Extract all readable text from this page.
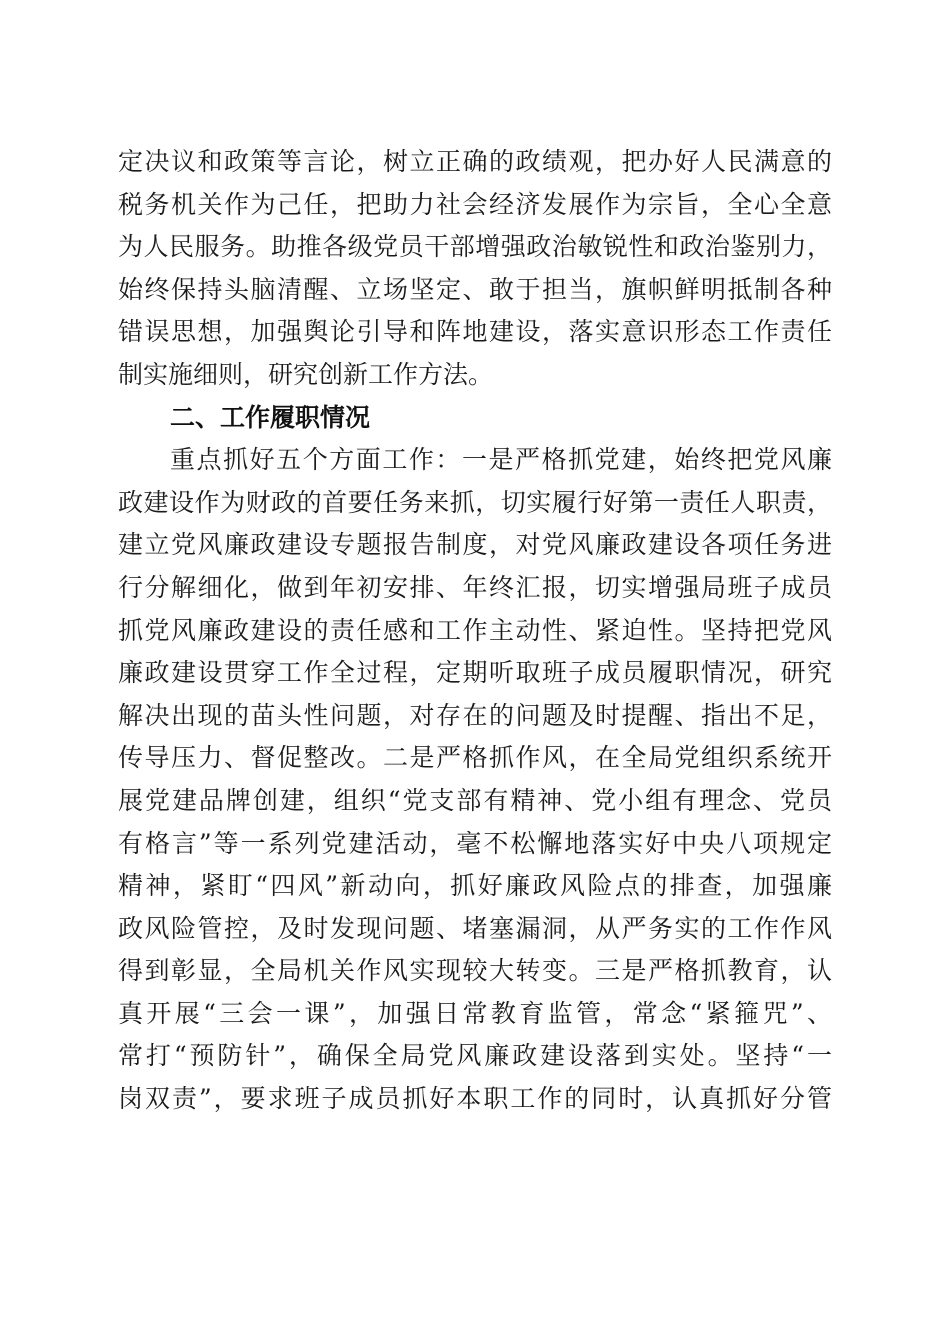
定决议和政策等言论，树立正确的政绩观，把办好人民满意的
税务机关作为己任，把助力社会经济发展作为宗旨，全心全意
为人民服务。助推各级党员干部增强政治敏锐性和政治鉴别力，
始终保持头脑清醒、立场坚定、敢于担当，旗帜鲜明抵制各种
错误思想，加强舆论引导和阵地建设，落实意识形态工作责任
制实施细则，研究创新工作方法。
二、工作履职情况
重点抓好五个方面工作：一是严格抓党建，始终把党风廉
政建设作为财政的首要任务来抓，切实履行好第一责任人职责，
建立党风廉政建设专题报告制度，对党风廉政建设各项任务进
行分解细化，做到年初安排、年终汇报，切实增强局班子成员
抓党风廉政建设的责任感和工作主动性、紧迫性。坚持把党风
廉政建设贯穿工作全过程，定期听取班子成员履职情况，研究
解决出现的苗头性问题，对存在的问题及时提醒、指出不足，
传导压力、督促整改。二是严格抓作风，在全局党组织系统开
展党建品牌创建，组织“党支部有精神、党小组有理念、党员
有格言”等一系列党建活动，毫不松懈地落实好中央八项规定
精神，紧盯“四风”新动向，抓好廉政风险点的排查，加强廉
政风险管控，及时发现问题、堵塞漏洞，从严务实的工作作风
得到彰显，全局机关作风实现较大转变。三是严格抓教育，认
真开展“三会一课”，加强日常教育监管，常念“紧箍咒”、
常打“预防针”，确保全局党风廉政建设落到实处。坚持“一
岗双责”，要求班子成员抓好本职工作的同时，认真抓好分管
